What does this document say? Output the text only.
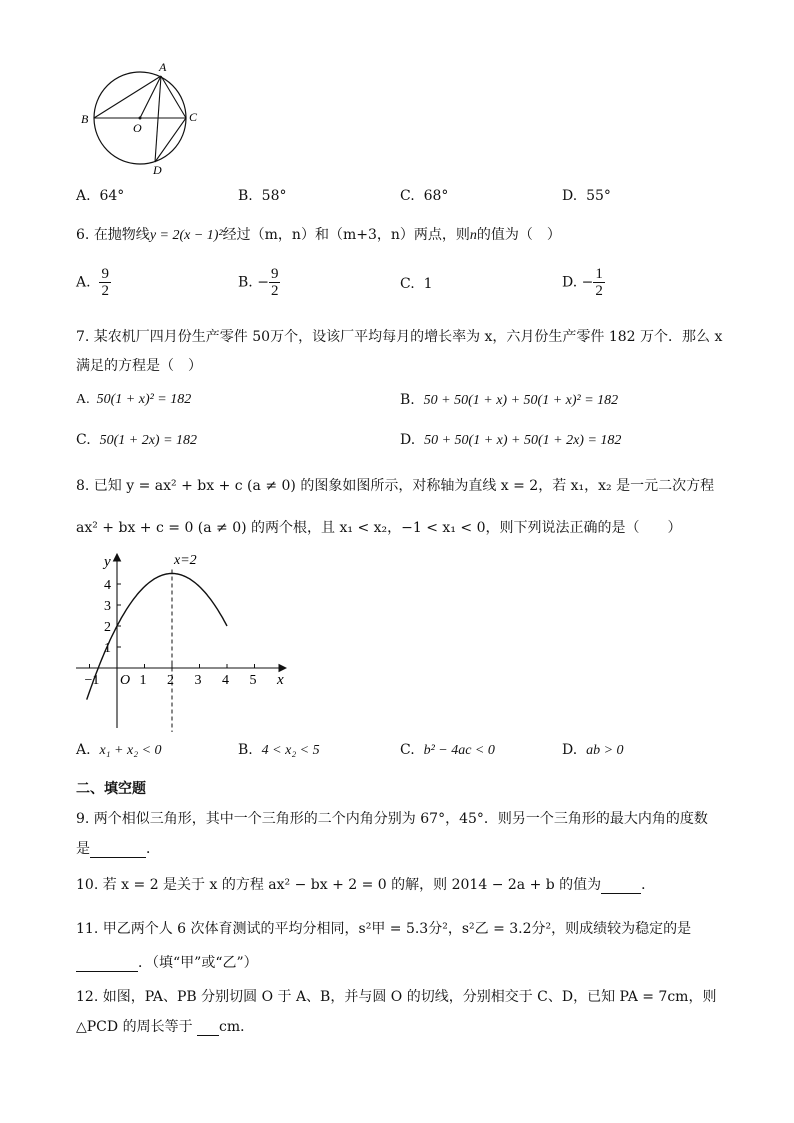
A
B	C
D
O
A. 64°	B. 58°	C. 68°	D. 55°
6. 在抛物线y = 2(x − 1)²经过（m，n）和（m+3，n）两点，则n的值为（　）
A. $\frac{9}{2}$	B. − $\frac{9}{2}$	C. 1	D. − $\frac{1}{2}$
7. 某农机厂四月份生产零件 50万个，设该厂平均每月的增长率为 x，六月份生产零件 182 万个．那么 x
满足的方程是（　）
A. 50(1 + x)² = 182	B. 50 + 50(1 + x) + 50(1 + x)² = 182
C. 50(1 + 2x) = 182	D. 50 + 50(1 + x) + 50(1 + 2x) = 182
8. 已知 y = ax² + bx + c (a ≠ 0) 的图象如图所示，对称轴为直线 x = 2，若 x₁，x₂ 是一元二次方程
ax² + bx + c = 0 (a ≠ 0) 的两个根，且 x₁ < x₂，−1 < x₁ < 0，则下列说法正确的是（　　）
−1 O 1 2 3 4 5
1
2
3
4
x=2
y
x
A. x₁ + x₂ < 0	B. 4 < x₂ < 5	C. b² − 4ac < 0	D. ab > 0
二、填空题
9. 两个相似三角形，其中一个三角形的二个内角分别为 67°，45°．则另一个三角形的最大内角的度数
是	．
10. 若 x = 2 是关于 x 的方程 ax² − bx + 2 = 0 的解，则 2014 − 2a + b 的值为	．
11. 甲乙两个人 6 次体育测试的平均分相同，s²甲 = 5.3分²，s²乙 = 3.2分²，则成绩较为稳定的是
．（填“甲”或“乙”）
12. 如图，PA、PB 分别切圆 O 于 A、B，并与圆 O 的切线，分别相交于 C、D，已知 PA = 7cm，则
△PCD 的周长等于 cm．
